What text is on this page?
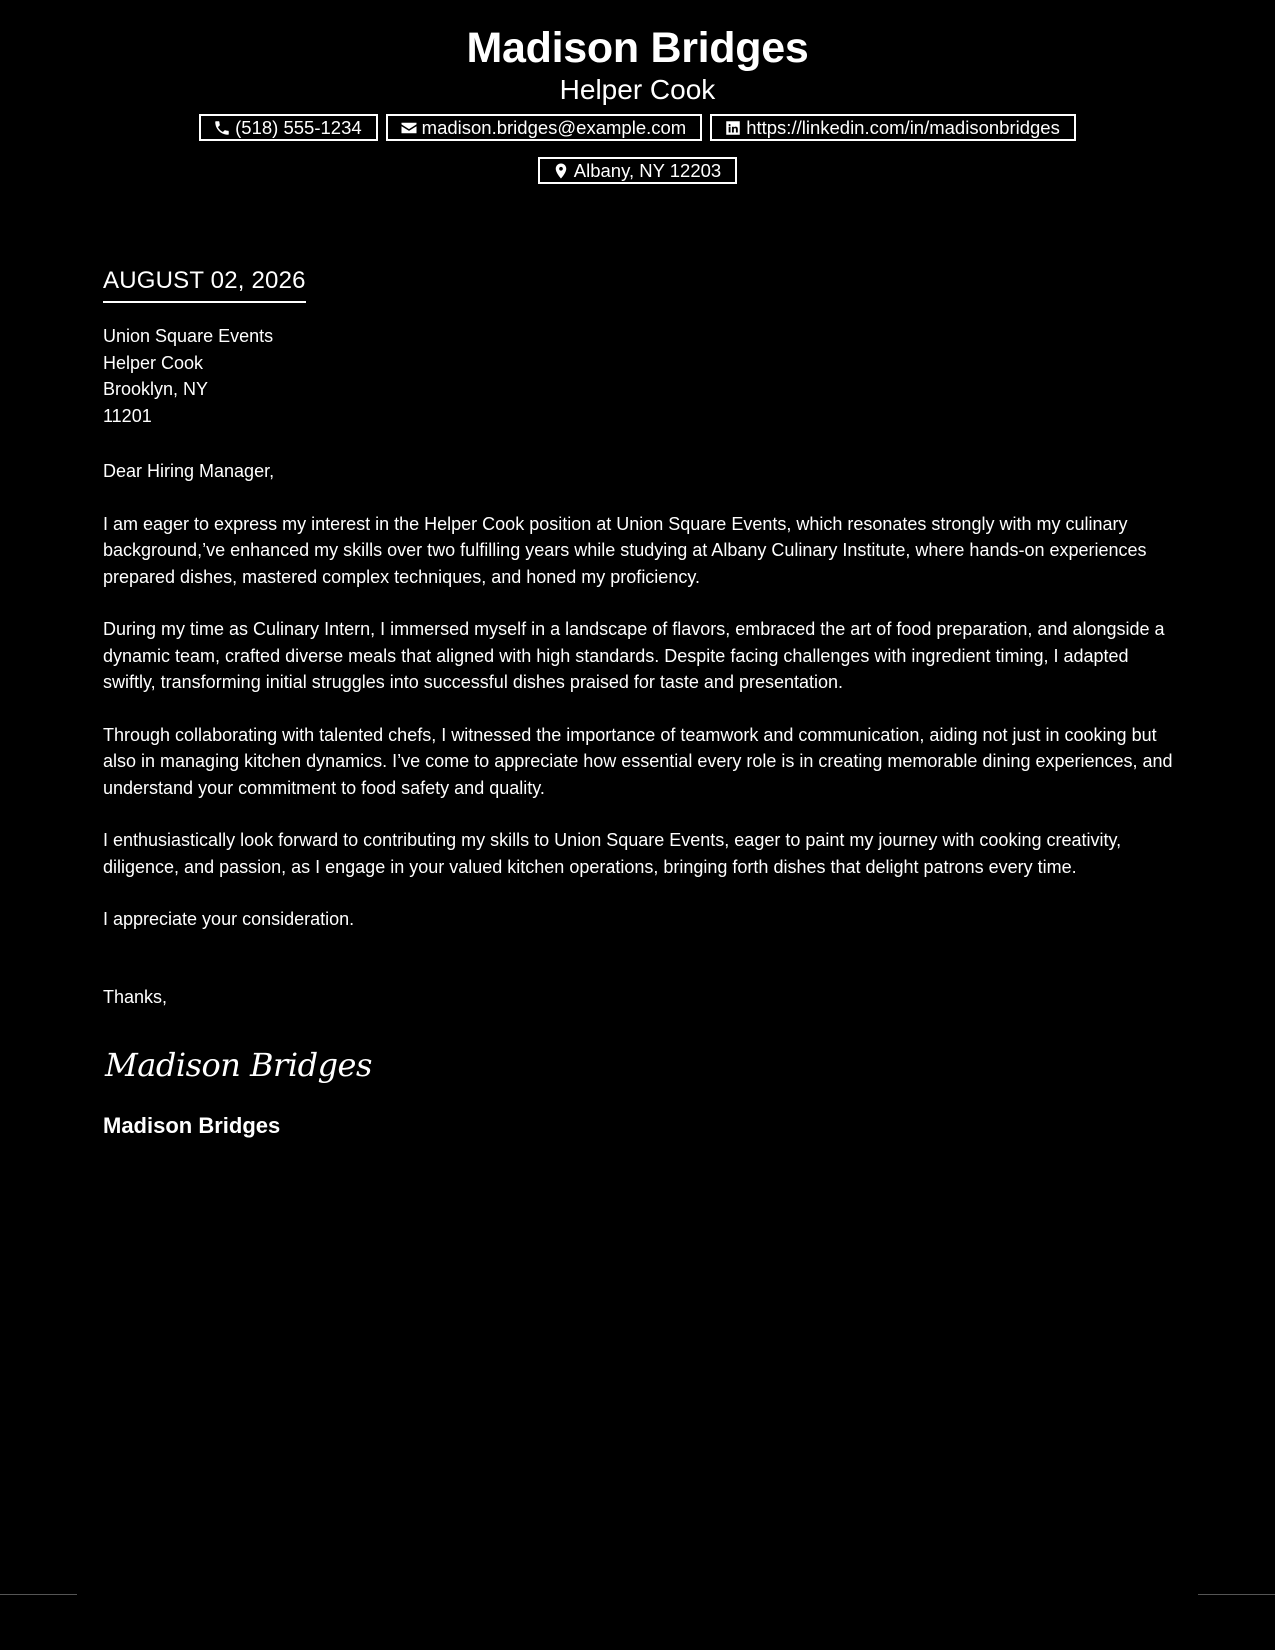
Madison Bridges
Helper Cook
(518) 555-1234	madison.bridges@example.com	https://linkedin.com/in/madisonbridges
Albany, NY 12203
AUGUST 02, 2026
Union Square Events
Helper Cook
Brooklyn, NY
11201
Dear Hiring Manager,
I am eager to express my interest in the Helper Cook position at Union Square Events, which resonates strongly with my culinary background,’ve enhanced my skills over two fulfilling years while studying at Albany Culinary Institute, where hands-on experiences prepared dishes, mastered complex techniques, and honed my proficiency.
During my time as Culinary Intern, I immersed myself in a landscape of flavors, embraced the art of food preparation, and alongside a dynamic team, crafted diverse meals that aligned with high standards. Despite facing challenges with ingredient timing, I adapted swiftly, transforming initial struggles into successful dishes praised for taste and presentation.
Through collaborating with talented chefs, I witnessed the importance of teamwork and communication, aiding not just in cooking but also in managing kitchen dynamics. I’ve come to appreciate how essential every role is in creating memorable dining experiences, and understand your commitment to food safety and quality.
I enthusiastically look forward to contributing my skills to Union Square Events, eager to paint my journey with cooking creativity, diligence, and passion, as I engage in your valued kitchen operations, bringing forth dishes that delight patrons every time.
I appreciate your consideration.
Thanks,
Madison Bridges
Madison Bridges
